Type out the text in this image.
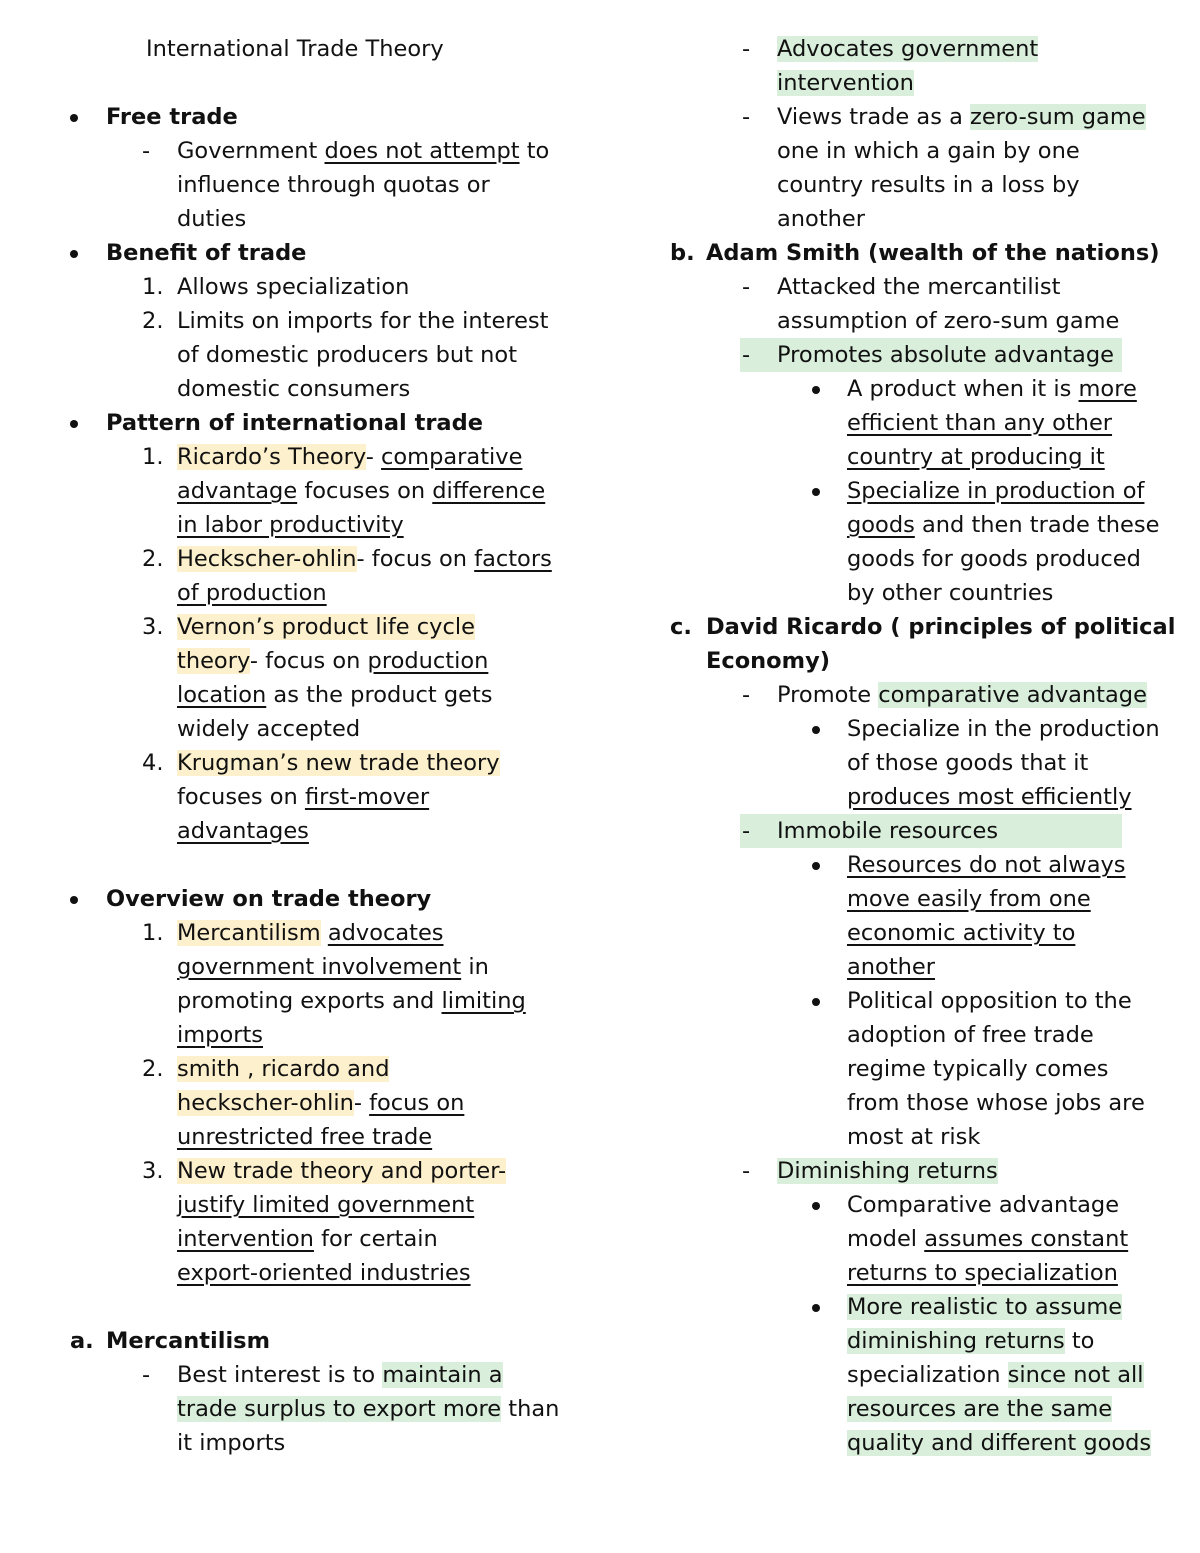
International Trade Theory
Free trade
- Government does not attempt to
influence through quotas or
duties
Benefit of trade
1. Allows specialization
2. Limits on imports for the interest
of domestic producers but not
domestic consumers
Pattern of international trade
1. Ricardo’s Theory- comparative
advantage focuses on difference
in labor productivity
2. Heckscher-ohlin- focus on factors
of production
3. Vernon’s product life cycle
theory- focus on production
location as the product gets
widely accepted
4. Krugman’s new trade theory
focuses on first-mover
advantages
Overview on trade theory
1. Mercantilism advocates
government involvement in
promoting exports and limiting
imports
2. smith , ricardo and
heckscher-ohlin- focus on
unrestricted free trade
3. New trade theory and porter-
justify limited government
intervention for certain
export-oriented industries
a. Mercantilism
- Best interest is to maintain a
trade surplus to export more than
it imports
- Advocates government
intervention
- Views trade as a zero-sum game
one in which a gain by one
country results in a loss by
another
b. Adam Smith (wealth of the nations)
- Attacked the mercantilist
assumption of zero-sum game
- Promotes absolute advantage
A product when it is more
efficient than any other
country at producing it
Specialize in production of
goods and then trade these
goods for goods produced
by other countries
c. David Ricardo ( principles of political
Economy)
- Promote comparative advantage
Specialize in the production
of those goods that it
produces most efficiently
- Immobile resources
Resources do not always
move easily from one
economic activity to
another
Political opposition to the
adoption of free trade
regime typically comes
from those whose jobs are
most at risk
- Diminishing returns
Comparative advantage
model assumes constant
returns to specialization
More realistic to assume
diminishing returns to
specialization since not all
resources are the same
quality and different goods
